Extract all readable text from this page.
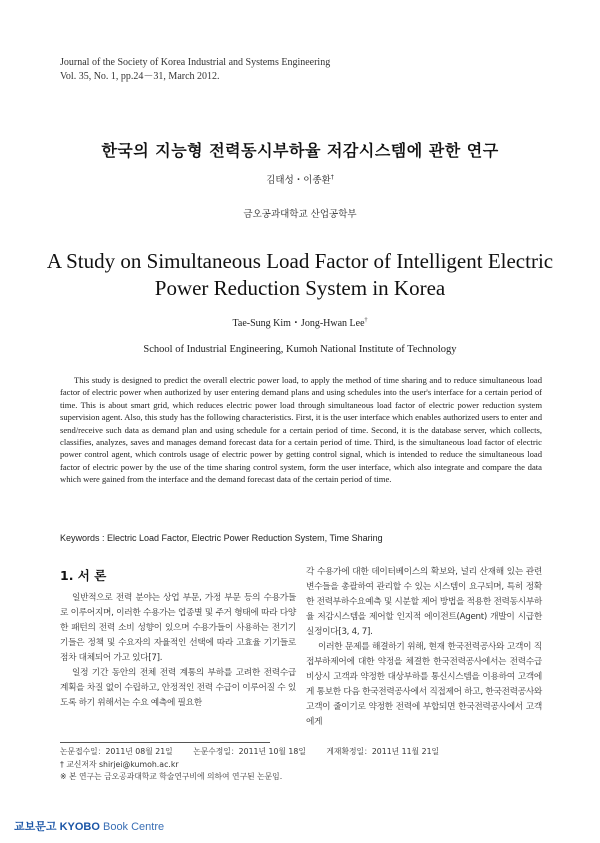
Journal of the Society of Korea Industrial and Systems Engineering
Vol. 35, No. 1, pp.24－31, March 2012.
한국의 지능형 전력동시부하율 저감시스템에 관한 연구
김태성・이종환†
금오공과대학교 산업공학부
A Study on Simultaneous Load Factor of Intelligent Electric Power Reduction System in Korea
Tae-Sung Kim・Jong-Hwan Lee†
School of Industrial Engineering, Kumoh National Institute of Technology
This study is designed to predict the overall electric power load, to apply the method of time sharing and to reduce simultaneous load factor of electric power when authorized by user entering demand plans and using schedules into the user's interface for a certain period of time. This is about smart grid, which reduces electric power load through simultaneous load factor of electric power reduction system supervision agent. Also, this study has the following characteristics. First, it is the user interface which enables authorized users to enter and send/receive such data as demand plan and using schedule for a certain period of time. Second, it is the database server, which collects, classifies, analyzes, saves and manages demand forecast data for a certain period of time. Third, is the simultaneous load factor of electric power control agent, which controls usage of electric power by getting control signal, which is intended to reduce the simultaneous load factor of electric power by the use of the time sharing control system, form the user interface, which also integrate and compare the data which were gained from the interface and the demand forecast data of the certain period of time.
Keywords : Electric Load Factor, Electric Power Reduction System, Time Sharing
1. 서 론

일반적으로 전력 분야는 상업 부문, 가정 부문 등의 수용가들로 이루어지며, 이러한 수용가는 업종별 및 주거 형태에 따라 다양한 패턴의 전력 소비 성향이 있으며 수용가들이 사용하는 전기기기들은 정책 및 수요자의 자율적인 선택에 따라 고효율 기기들로 점차 대체되어 가고 있다[7].

일정 기간 동안의 전체 전력 계통의 부하를 고려한 전력수급 계획을 차질 없이 수립하고, 안정적인 전력 수급이 이루어질 수 있도록 하기 위해서는 수요 예측에 필요한

각 수용가에 대한 데이터베이스의 확보와, 널리 산재해 있는 관련 변수들을 총괄하여 관리할 수 있는 시스템이 요구되며, 특히 정확한 전력부하수요예측 및 시분할 제어 방법을 적용한 전력동시부하율 저감시스템을 제어할 인지적 에이전트(Agent) 개발이 시급한 실정이다[3, 4, 7].

이러한 문제를 해결하기 위해, 현재 한국전력공사와 고객이 직접부하제어에 대한 약정을 체결한 한국전력공사에서는 전력수급 비상시 고객과 약정한 대상부하를 통신시스템을 이용하여 고객에게 통보한 다음 한국전력공사에서 직접제어 하고, 한국전력공사와 고객이 줄이기로 약정한 전력에 부합되면 한국전력공사에서 고객에게

논문접수일：2011년 08월 21일	논문수정일：2011년 10월 18일	게재확정일：2011년 11월 21일
† 교신저자 shirjei@kumoh.ac.kr
※ 본 연구는 금오공과대학교 학술연구비에 의하여 연구된 논문임.
교보문고 KYOBO Book Centre
